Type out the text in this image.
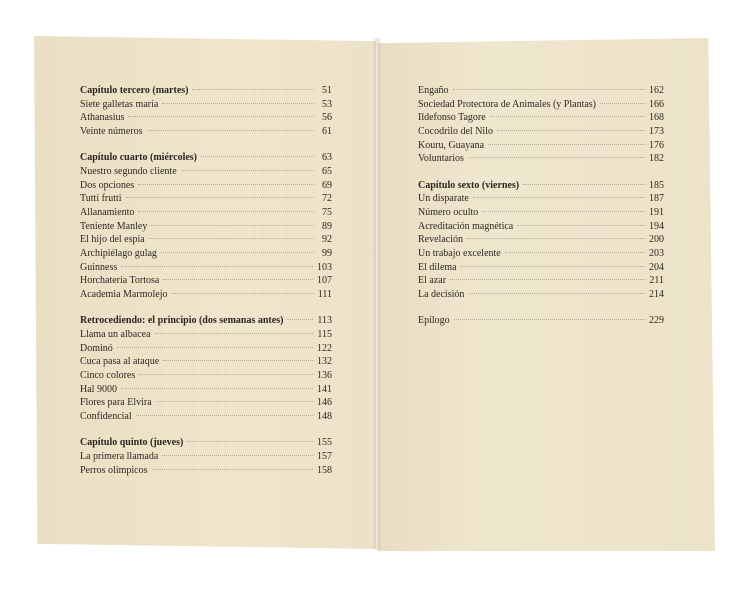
Capítulo tercero (martes)	51
Siete galletas maría	53
Athanasius	56
Veinte números	61
Capítulo cuarto (miércoles)	63
Nuestro segundo cliente	65
Dos opciones	69
Tutti frutti	72
Allanamiento	75
Teniente Manley	89
El hijo del espía	92
Archipiélago gulag	99
Guinness	103
Horchatería Tortosa	107
Academia Marmolejo	111
Retrocediendo: el principio (dos semanas antes)	113
Llama un albacea	115
Dominó	122
Cuca pasa al ataque	132
Cinco colores	136
Hal 9000	141
Flores para Elvira	146
Confidencial	148
Capítulo quinto (jueves)	155
La primera llamada	157
Perros olímpicos	158
Engaño	162
Sociedad Protectora de Animales (y Plantas)	166
Ildefonso Tagore	168
Cocodrilo del Nilo	173
Kouru, Guayana	176
Voluntarios	182
Capítulo sexto (viernes)	185
Un disparate	187
Número oculto	191
Acreditación magnética	194
Revelación	200
Un trabajo excelente	203
El dilema	204
El azar	211
La decisión	214
Epílogo	229
